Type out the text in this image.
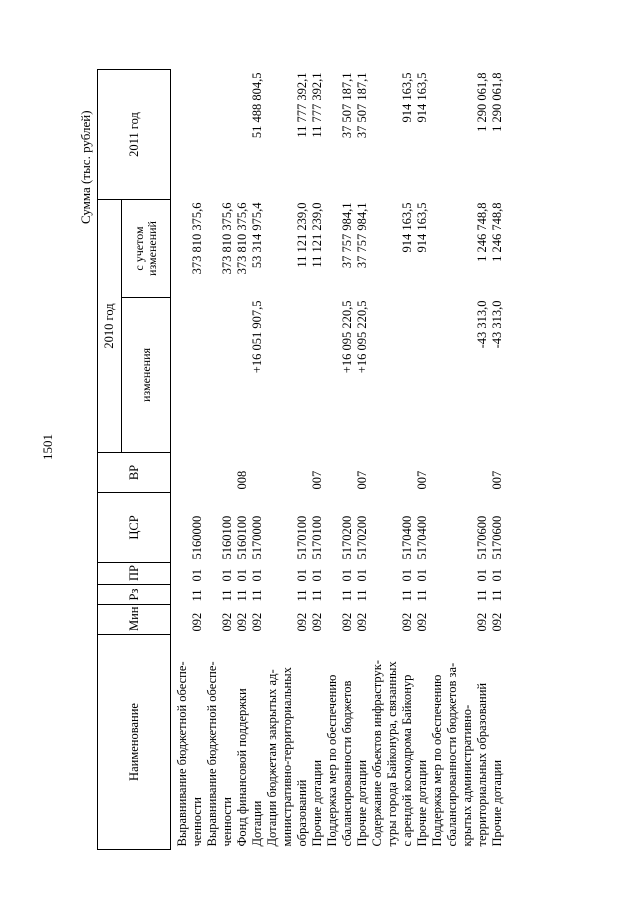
1501
Сумма (тыс. рублей)
Наименование	Мин	Рз	ПР	ЦСР	ВР	2010 год		2011 год
						изменения	с учетом изменений	

Выравнивание бюджетной обеспе- ченности	092	11	01	5160000			373 810 375,6	

Выравнивание бюджетной обеспе- ченности	092	11	01	5160100			373 810 375,6	

Фонд финансовой поддержки	092	11	01	5160100	008		373 810 375,6	

Дотации	092	11	01	5170000		+16 051 907,5	53 314 975,4	51 488 804,5

Дотации бюджетам закрытых ад- министративно-территориальных образований	092	11	01	5170100			11 121 239,0	11 777 392,1

Прочие дотации	092	11	01	5170100	007		11 121 239,0	11 777 392,1

Поддержка мер по обеспечению сбалансированности бюджетов	092	11	01	5170200		+16 095 220,5	37 757 984,1	37 507 187,1

Прочие дотации	092	11	01	5170200	007	+16 095 220,5	37 757 984,1	37 507 187,1

Содержание объектов инфраструк- туры города Байконура, связанных с арендой космодрома Байконур	092	11	01	5170400			914 163,5	914 163,5

Прочие дотации	092	11	01	5170400	007		914 163,5	914 163,5

Поддержка мер по обеспечению сбалансированности бюджетов за- крытых административно- территориальных образований	092	11	01	5170600		-43 313,0	1 246 748,8	1 290 061,8

Прочие дотации	092	11	01	5170600	007	-43 313,0	1 246 748,8	1 290 061,8
